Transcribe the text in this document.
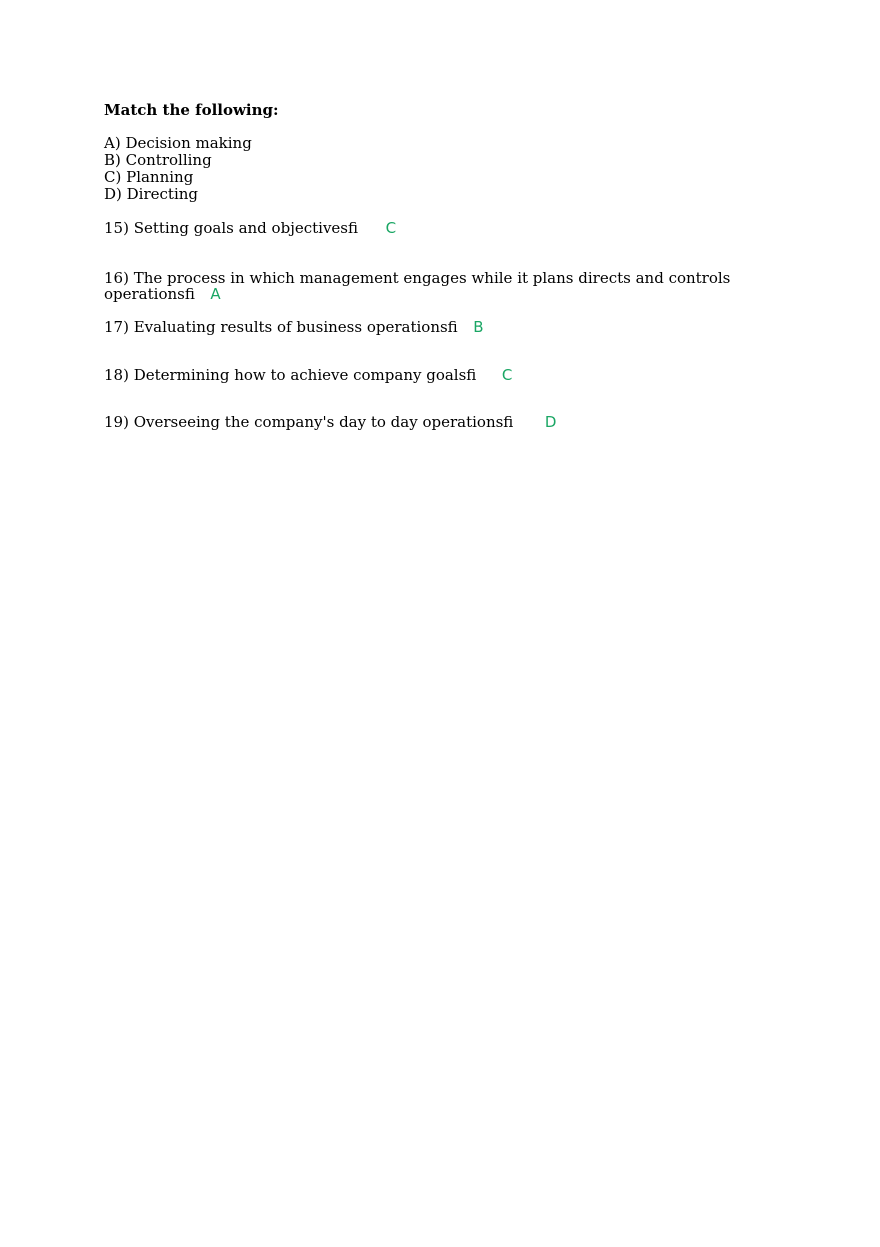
Match the following:
A) Decision making
B) Controlling
C) Planning
D) Directing
15) Setting goals and objectivesﬁ C
16) The process in which management engages while it plans directs and controls operationsﬁ A
17) Evaluating results of business operationsﬁ B
18) Determining how to achieve company goalsﬁ C
19) Overseeing the company's day to day operationsﬁ D
